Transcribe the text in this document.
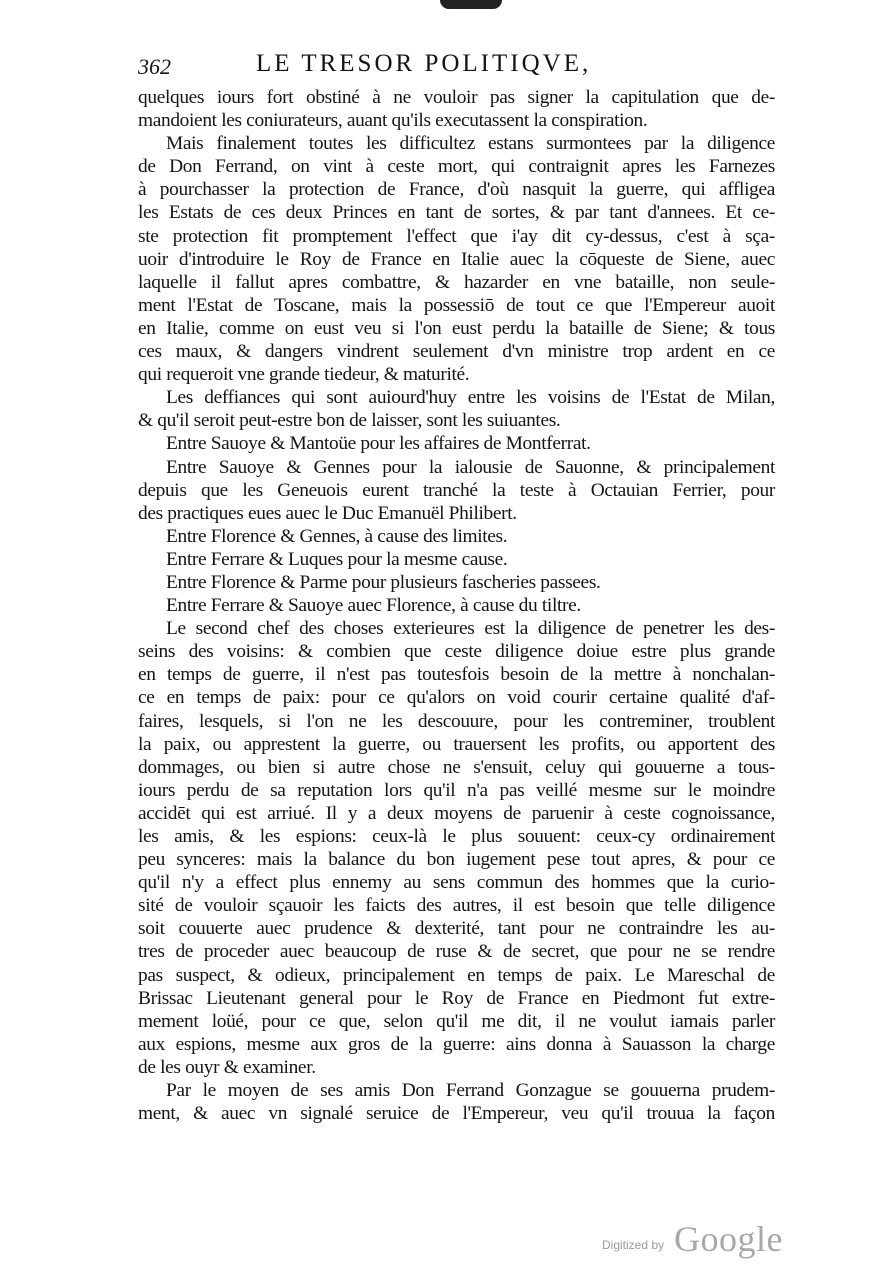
362	LE TRESOR POLITIQVE,
quelques iours fort obstiné à ne vouloir pas signer la capitulation que de-
mandoient les coniurateurs, auant qu'ils executassent la conspiration.
Mais finalement toutes les difficultez estans surmontees par la diligence
de Don Ferrand, on vint à ceste mort, qui contraignit apres les Farnezes
à pourchasser la protection de France, d'où nasquit la guerre, qui affligea
les Estats de ces deux Princes en tant de sortes, & par tant d'annees. Et ce-
ste protection fit promptement l'effect que i'ay dit cy-dessus, c'est à sça-
uoir d'introduire le Roy de France en Italie auec la cōqueste de Siene, auec
laquelle il fallut apres combattre, & hazarder en vne bataille, non seule-
ment l'Estat de Toscane, mais la possessiō de tout ce que l'Empereur auoit
en Italie, comme on eust veu si l'on eust perdu la bataille de Siene; & tous
ces maux, & dangers vindrent seulement d'vn ministre trop ardent en ce
qui requeroit vne grande tiedeur, & maturité.
Les deffiances qui sont auiourd'huy entre les voisins de l'Estat de Milan,
& qu'il seroit peut-estre bon de laisser, sont les suiuantes.
Entre Sauoye & Mantoüe pour les affaires de Montferrat.
Entre Sauoye & Gennes pour la ialousie de Sauonne, & principalement
depuis que les Geneuois eurent tranché la teste à Octauian Ferrier, pour
des practiques eues auec le Duc Emanuël Philibert.
Entre Florence & Gennes, à cause des limites.
Entre Ferrare & Luques pour la mesme cause.
Entre Florence & Parme pour plusieurs fascheries passees.
Entre Ferrare & Sauoye auec Florence, à cause du tiltre.
Le second chef des choses exterieures est la diligence de penetrer les des-
seins des voisins: & combien que ceste diligence doiue estre plus grande
en temps de guerre, il n'est pas toutesfois besoin de la mettre à nonchalan-
ce en temps de paix: pour ce qu'alors on void courir certaine qualité d'af-
faires, lesquels, si l'on ne les descouure, pour les contreminer, troublent
la paix, ou apprestent la guerre, ou trauersent les profits, ou apportent des
dommages, ou bien si autre chose ne s'ensuit, celuy qui gouuerne a tous-
iours perdu de sa reputation lors qu'il n'a pas veillé mesme sur le moindre
accidēt qui est arriué. Il y a deux moyens de paruenir à ceste cognoissance,
les amis, & les espions: ceux-là le plus souuent: ceux-cy ordinairement
peu synceres: mais la balance du bon iugement pese tout apres, & pour ce
qu'il n'y a effect plus ennemy au sens commun des hommes que la curio-
sité de vouloir sçauoir les faicts des autres, il est besoin que telle diligence
soit couuerte auec prudence & dexterité, tant pour ne contraindre les au-
tres de proceder auec beaucoup de ruse & de secret, que pour ne se rendre
pas suspect, & odieux, principalement en temps de paix. Le Mareschal de
Brissac Lieutenant general pour le Roy de France en Piedmont fut extre-
mement loüé, pour ce que, selon qu'il me dit, il ne voulut iamais parler
aux espions, mesme aux gros de la guerre: ains donna à Sauasson la charge
de les ouyr & examiner.
Par le moyen de ses amis Don Ferrand Gonzague se gouuerna prudem-
ment, & auec vn signalé seruice de l'Empereur, veu qu'il trouua la façon
Digitized by Google
